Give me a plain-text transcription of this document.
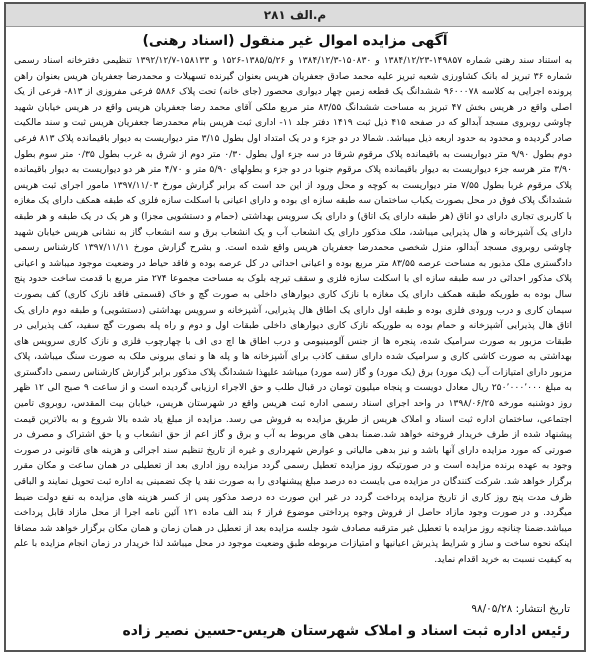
م.الف ۲۸۱
آگهی مزایده اموال غیر منقول (اسناد رهنی)
به استناد سند رهنی شماره ۱۴۹۸۵۷-۱۳۸۴/۱۲/۲۳ و ۱۵۰۸۳۰-۱۳۸۴/۱۲/۳ و ۱۳۸۵/۵/۲۶-۱۵۲۶ و ۱۵۸۱۳۳-۱۳۹۲/۱۲/۷ تنظیمی دفترخانه اسناد رسمی شماره ۳۶ تبریز له بانک کشاورزی شعبه تبریز علیه محمد صادق جعفریان هریس بعنوان گیرنده تسهیلات و محمدرضا جعفریان هریس بعنوان راهن پرونده اجرایی به کلاسه ۹۶۰۰۰۷۸ ششدانگ یک قطعه زمین چهار دیواری محصور (جای خانه) تحت پلاک ۵۸۸۶ فرعی مفروزی از ۸۱۳- فرعی از یک اصلی واقع در هریس بخش ۴۷ تبریز به مساحت ششدانگ ۸۳/۵۵ متر مربع ملکی آقای محمد رضا جعفریان هریس واقع در هریس خیابان شهید چاوشی روبروی مسجد آبدالو که در صفحه ۴۱۵ ذیل ثبت ۱۴۱۹ دفتر جلد ۱۱- اداری ثبت هریس بنام محمدرضا جعفریان هریس ثبت و سند مالکیت صادر گردیده و محدود به حدود اربعه ذیل میباشد. شمالا در دو جزء و در یک امتداد اول بطول ۳/۱۵ متر دیواریست به دیوار باقیمانده پلاک ۸۱۳ فرعی دوم بطول ۹/۹۰ متر دیواریست به باقیمانده پلاک مرقوم شرقا در سه جزء اول بطول ۰/۳۰ متر دوم از شرق به غرب بطول ۰/۳۵ متر سوم بطول ۳/۹۰ متر هرسه جزء دیواریست به دیوار باقیمانده پلاک مرقوم جنوبا در دو جزء و بطولهای ۵/۹۰ متر و ۴/۷۰ متر هر دو دیواریست به دیوار باقیمانده پلاک مرقوم غربا بطول ۷/۵۵ متر دیواریست به کوچه و محل ورود از این حد است که برابر گزارش مورخ ۱۳۹۷/۱۱/۰۳ مامور اجرای ثبت هریس ششدانگ پلاک فوق در محل بصورت یکباب ساختمان سه طبقه سازه ای بوده و دارای اعیانی با اسکلت سازه فلزی که طبقه همکف دارای یک مغازه با کاربری تجاری دارای دو اتاق (هر طبقه دارای یک اتاق) و دارای یک سرویس بهداشتی (حمام و دستشویی مجزا) و هر یک در یک طبقه و هر طبقه دارای یک آشپزخانه و هال پذیرایی میباشد، ملک مذکور دارای یک انشعاب آب و یک انشعاب برق و سه انشعاب گاز به نشانی هریس خیابان شهید چاوشی روبروی مسجد آبدالو، منزل شخصی محمدرضا جعفریان هریس واقع شده است. و بشرح گزارش مورخ ۱۳۹۷/۱۱/۱۱ کارشناس رسمی دادگستری ملک مذبور به مساحت عرصه ۸۳/۵۵ متر مربع بوده و اعیانی احداثی در کل عرصه بوده و فاقد حیاط در وضعیت موجود میباشد و اعیانی پلاک مذکور احداثی در سه طبقه سازه ای با اسکلت سازه فلزی و سقف تیرچه بلوک به مساحت مجموعا ۲۷۴ متر مربع با قدمت ساخت حدود پنج سال بوده به طوریکه طبقه همکف دارای یک مغازه با نازک کاری دیوارهای داخلی به صورت گچ و خاک (قسمتی فاقد نازک کاری) کف بصورت سیمان کاری و درب ورودی فلزی بوده و طبقه اول دارای یک اطاق هال پذیرایی، آشپزخانه و سرویس بهداشتی (دستشویی) و طبقه دوم دارای یک اتاق هال پذیرایی آشپزخانه و حمام بوده به طوریکه نازک کاری دیوارهای داخلی طبقات اول و دوم و راه پله بصورت گچ سفید، کف پذیرایی در طبقات مزبور به صورت سرامیک شده، پنجره ها از جنس آلومینیومی و درب اطاق ها اچ دی اف با چهارچوب فلزی و نازک کاری سرویس های بهداشتی به صورت کاشی کاری و سرامیک شده دارای سقف کاذب برای آشپزخانه ها و پله ها و نمای بیرونی ملک به صورت سنگ میباشد، پلاک مزبور دارای امتیازات آب (یک مورد) برق (یک مورد) و گاز (سه مورد) میباشد علیهذا ششدانگ پلاک مذکور برابر گزارش کارشناس رسمی دادگستری به مبلغ ۲۵۰٬۰۰۰٬۰۰۰ ریال معادل دویست و پنجاه میلیون تومان در قبال طلب و حق الاجراء ارزیابی گردیده است و از ساعت ۹ صبح الی ۱۲ ظهر روز دوشنبه مورخه ۱۳۹۸/۰۶/۲۵ در واحد اجرای اسناد رسمی اداره ثبت هریس واقع در شهرستان هریس، خیابان بیت المقدس، روبروی تامین اجتماعی، ساختمان اداره ثبت اسناد و املاک هریس از طریق مزایده به فروش می رسد. مزایده از مبلغ یاد شده بالا شروع و به بالاترین قیمت پیشنهاد شده از طرف خریدار فروخته خواهد شد.ضمنا بدهی های مربوط به آب و برق و گاز اعم از حق انشعاب و یا حق اشتراک و مصرف در صورتی که مورد مزایده دارای آنها باشد و نیز بدهی مالیاتی و عوارض شهرداری و غیره از تاریخ تنظیم سند اجرائی و هزینه های قانونی در صورت وجود به عهده برنده مزایده است و در صورتیکه روز مزایده تعطیل رسمی گردد مزایده روز اداری بعد از تعطیلی در همان ساعت و مکان مقرر برگزار خواهد شد. شرکت کنندگان در مزایده می بایست ده درصد مبلغ پیشنهادی را به صورت نقد یا چک تضمینی به اداره ثبت تحویل نمایند و الباقی ظرف مدت پنج روز کاری از تاریخ مزایده پرداخت گردد در غیر این صورت ده درصد مذکور پس از کسر هزینه های مزایده به نفع دولت ضبط میگردد. و در صورت وجود مازاد حاصل از فروش وجوه پرداختی موضوع فراز ۶ بند الف ماده ۱۲۱ آئین نامه اجرا از محل مازاد قابل پرداخت میباشد.ضمنا چنانچه روز مزایده با تعطیل غیر مترقبه مصادف شود جلسه مزایده بعد از تعطیل در همان زمان و همان مکان برگزار خواهد شد مضافا اینکه نحوه ساخت و ساز و شرایط پذیرش اعیانیها و امتیازات مربوطه طبق وضعیت موجود در محل میباشد لذا خریدار در زمان انجام مزایده با علم به کیفیت نسبت به خرید اقدام نماید.
تاریخ انتشار: ۹۸/۰۵/۲۸
رئیس اداره ثبت اسناد و املاک شهرستان هریس-حسین نصیر زاده
